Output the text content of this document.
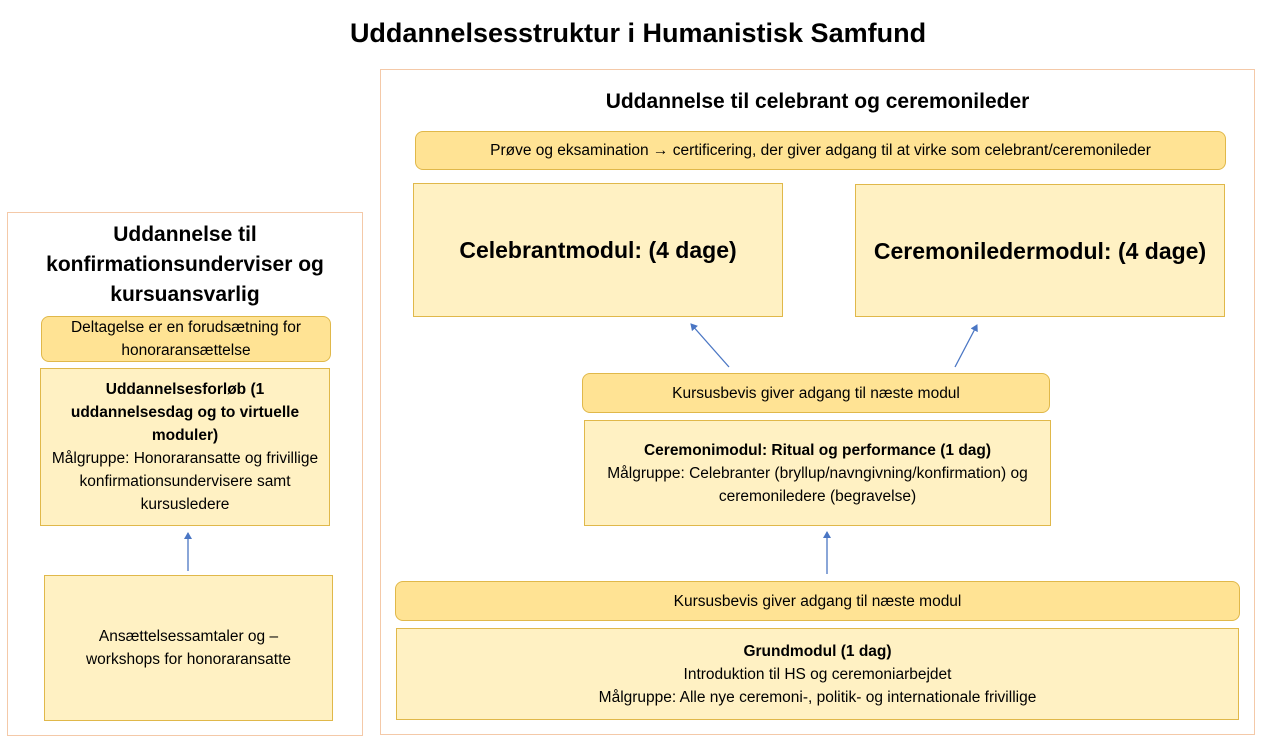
Uddannelsesstruktur i Humanistisk Samfund
Uddannelse til konfirmationsunderviser og kursuansvarlig
Deltagelse er en forudsætning for honoraransættelse
Uddannelsesforløb (1 uddannelsesdag og to virtuelle moduler)
Målgruppe: Honoraransatte og frivillige konfirmationsundervisere samt kursusledere
Ansættelsessamtaler og –workshops for honoraransatte
Uddannelse til celebrant og ceremonileder
Prøve og eksamination → certificering, der giver adgang til at virke som celebrant/ceremonileder
Celebrantmodul: (4 dage)	Ceremoniledermodul: (4 dage)
Kursusbevis giver adgang til næste modul
Ceremonimodul: Ritual og performance (1 dag)
Målgruppe: Celebranter (bryllup/navngivning/konfirmation) og ceremoniledere (begravelse)
Kursusbevis giver adgang til næste modul
Grundmodul (1 dag)
Introduktion til HS og ceremoniarbejdet
Målgruppe: Alle nye ceremoni-, politik- og internationale frivillige
